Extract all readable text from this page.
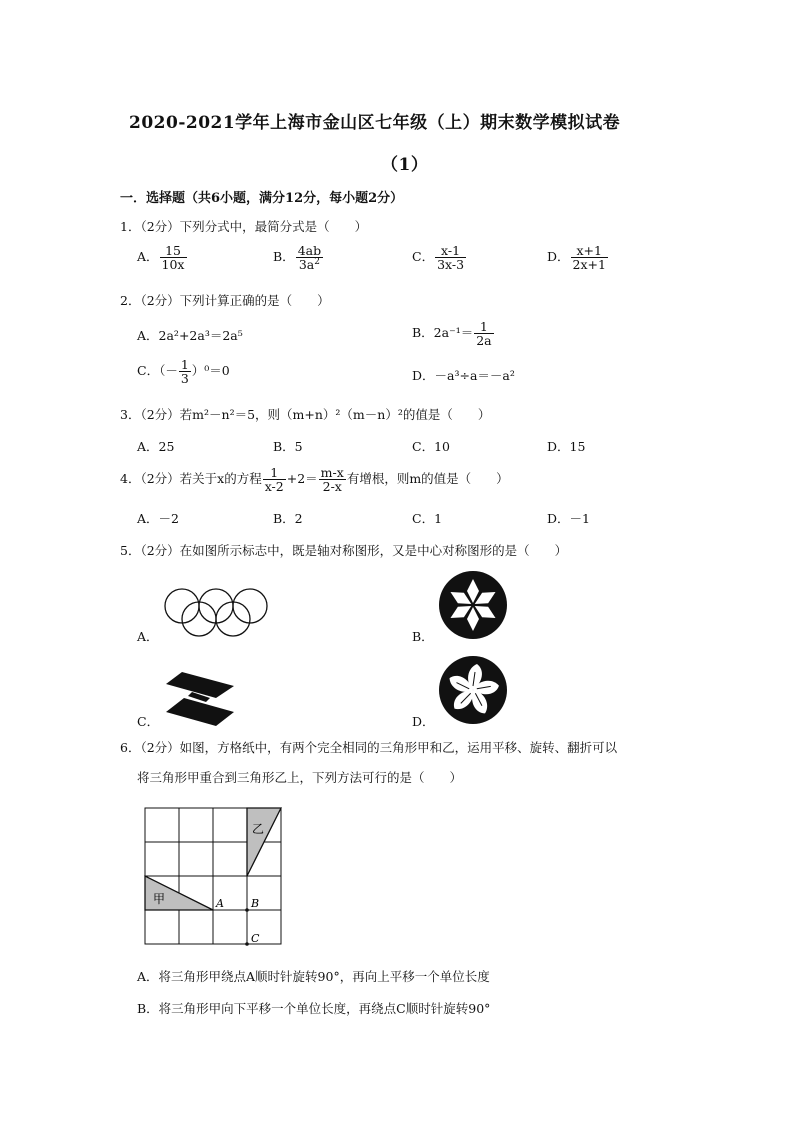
2020-2021学年上海市金山区七年级（上）期末数学模拟试卷
（1）
一．选择题（共6小题，满分12分，每小题2分）
1．（2分）下列分式中，最简分式是（　　）
A． $\frac{15}{10x}$	B． $\frac{4ab}{3a^2}$	C． $\frac{x-1}{3x-3}$	D． $\frac{x+1}{2x+1}$
2．（2分）下列计算正确的是（　　）
A．2a²+2a³＝2a⁵	B．$2a^{-1}= \frac{1}{2a}$
C．（－ $\frac{1}{3} )^0=0$	D．－a³÷a＝－a²
3．（2分）若m²－n²＝5，则（m+n）²（m－n）²的值是（　　）
A．25	B．5	C．10	D．15
4．（2分）若关于x的方程 $\frac{1}{x-2} +2= \frac{m-x}{2-x}$ 有增根，则m的值是（　　）
A．－2	B．2	C．1	D．－1
5．（2分）在如图所示标志中，既是轴对称图形，又是中心对称图形的是（　　）
A．	B．
C．	D．
6．（2分）如图，方格纸中，有两个完全相同的三角形甲和乙，运用平移、旋转、翻折可以
将三角形甲重合到三角形乙上，下列方法可行的是（　　）
甲
乙
A B
C
A．将三角形甲绕点A顺时针旋转90°，再向上平移一个单位长度
B．将三角形甲向下平移一个单位长度，再绕点C顺时针旋转90°
